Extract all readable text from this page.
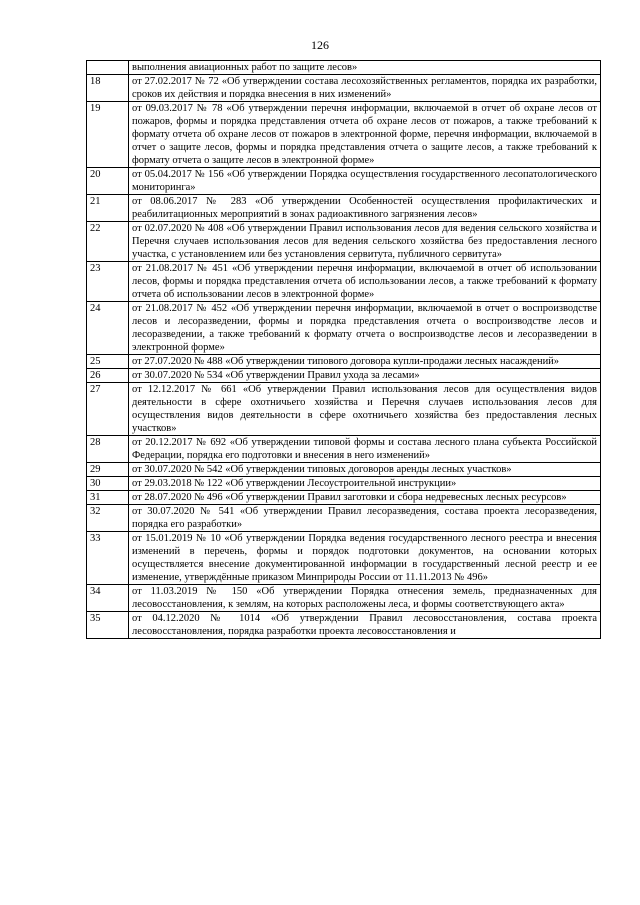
126
	выполнения авиационных работ по защите лесов»
18	от 27.02.2017 № 72 «Об утверждении состава лесохозяйственных регламентов, порядка их разработки, сроков их действия и порядка внесения в них изменений»
19	от 09.03.2017 № 78 «Об утверждении перечня информации, включаемой в отчет об охране лесов от пожаров, формы и порядка представления отчета об охране лесов от пожаров, а также требований к формату отчета об охране лесов от пожаров в электронной форме, перечня информации, включаемой в отчет о защите лесов, формы и порядка представления отчета о защите лесов, а также требований к формату отчета о защите лесов в электронной форме»
20	от 05.04.2017 № 156 «Об утверждении Порядка осуществления государственного лесопатологического мониторинга»
21	от 08.06.2017 № 283 «Об утверждении Особенностей осуществления профилактических и реабилитационных мероприятий в зонах радиоактивного загрязнения лесов»
22	от 02.07.2020 № 408 «Об утверждении Правил использования лесов для ведения сельского хозяйства и Перечня случаев использования лесов для ведения сельского хозяйства без предоставления лесного участка, с установлением или без установления сервитута, публичного сервитута»
23	от 21.08.2017 № 451 «Об утверждении перечня информации, включаемой в отчет об использовании лесов, формы и порядка представления отчета об использовании лесов, а также требований к формату отчета об использовании лесов в электронной форме»
24	от 21.08.2017 № 452 «Об утверждении перечня информации, включаемой в отчет о воспроизводстве лесов и лесоразведении, формы и порядка представления отчета о воспроизводстве лесов и лесоразведении, а также требований к формату отчета о воспроизводстве лесов и лесоразведении в электронной форме»
25	от 27.07.2020 № 488 «Об утверждении типового договора купли-продажи лесных насаждений»
26	от 30.07.2020 № 534 «Об утверждении Правил ухода за лесами»
27	от 12.12.2017 № 661 «Об утверждении Правил использования лесов для осуществления видов деятельности в сфере охотничьего хозяйства и Перечня случаев использования лесов для осуществления видов деятельности в сфере охотничьего хозяйства без предоставления лесных участков»
28	от 20.12.2017 № 692 «Об утверждении типовой формы и состава лесного плана субъекта Российской Федерации, порядка его подготовки и внесения в него изменений»
29	от 30.07.2020 № 542 «Об утверждении типовых договоров аренды лесных участков»
30	от 29.03.2018 № 122 «Об утверждении Лесоустроительной инструкции»
31	от 28.07.2020 № 496 «Об утверждении Правил заготовки и сбора недревесных лесных ресурсов»
32	от 30.07.2020 № 541 «Об утверждении Правил лесоразведения, состава проекта лесоразведения, порядка его разработки»
33	от 15.01.2019 № 10 «Об утверждении Порядка ведения государственного лесного реестра и внесения изменений в перечень, формы и порядок подготовки документов, на основании которых осуществляется внесение документированной информации в государственный лесной реестр и ее изменение, утверждённые приказом Минприроды России от 11.11.2013 № 496»
34	от 11.03.2019 № 150 «Об утверждении Порядка отнесения земель, предназначенных для лесовосстановления, к землям, на которых расположены леса, и формы соответствующего акта»
35	от 04.12.2020 № 1014 «Об утверждении Правил лесовосстановления, состава проекта лесовосстановления, порядка разработки проекта лесовосстановления и
